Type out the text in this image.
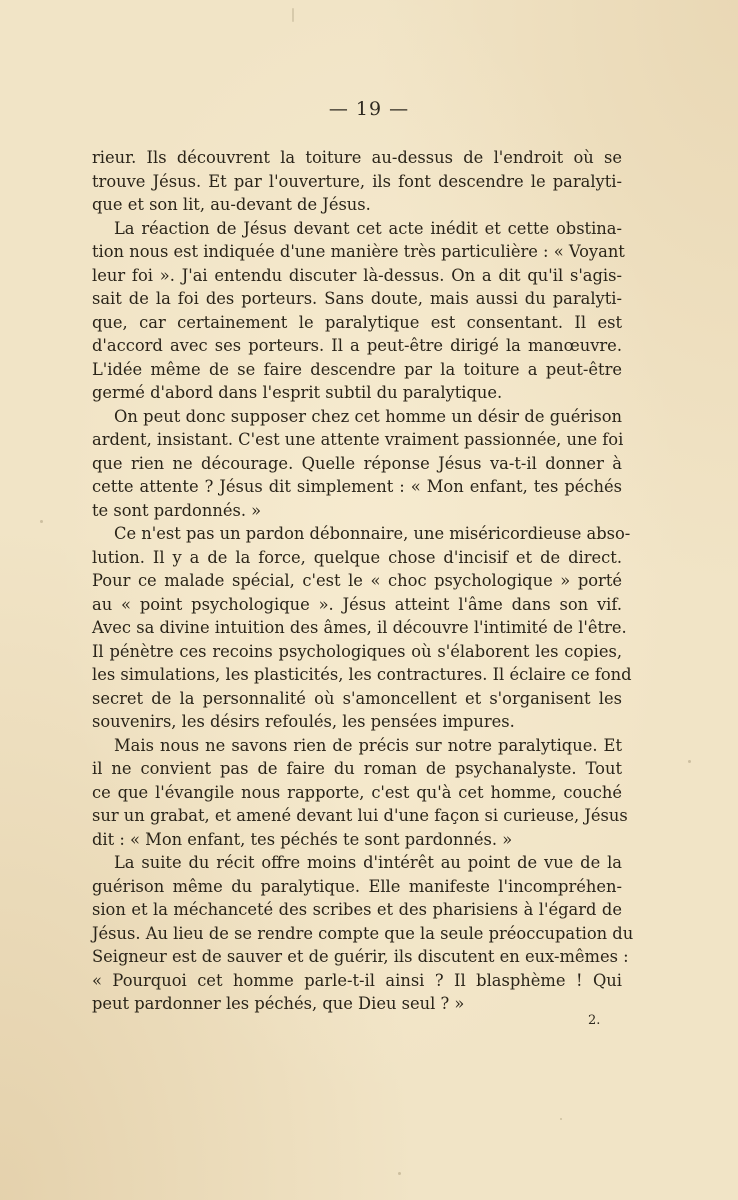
— 19 —
rieur. Ils découvrent la toiture au-dessus de l'endroit où se
trouve Jésus. Et par l'ouverture, ils font descendre le paralyti-
que et son lit, au-devant de Jésus.
La réaction de Jésus devant cet acte inédit et cette obstina-
tion nous est indiquée d'une manière très particulière : « Voyant
leur foi ». J'ai entendu discuter là-dessus. On a dit qu'il s'agis-
sait de la foi des porteurs. Sans doute, mais aussi du paralyti-
que, car certainement le paralytique est consentant. Il est
d'accord avec ses porteurs. Il a peut-être dirigé la manœuvre.
L'idée même de se faire descendre par la toiture a peut-être
germé d'abord dans l'esprit subtil du paralytique.
On peut donc supposer chez cet homme un désir de guérison
ardent, insistant. C'est une attente vraiment passionnée, une foi
que rien ne décourage. Quelle réponse Jésus va-t-il donner à
cette attente ? Jésus dit simplement : « Mon enfant, tes péchés
te sont pardonnés. »
Ce n'est pas un pardon débonnaire, une miséricordieuse abso-
lution. Il y a de la force, quelque chose d'incisif et de direct.
Pour ce malade spécial, c'est le « choc psychologique » porté
au « point psychologique ». Jésus atteint l'âme dans son vif.
Avec sa divine intuition des âmes, il découvre l'intimité de l'être.
Il pénètre ces recoins psychologiques où s'élaborent les copies,
les simulations, les plasticités, les contractures. Il éclaire ce fond
secret de la personnalité où s'amoncellent et s'organisent les
souvenirs, les désirs refoulés, les pensées impures.
Mais nous ne savons rien de précis sur notre paralytique. Et
il ne convient pas de faire du roman de psychanalyste. Tout
ce que l'évangile nous rapporte, c'est qu'à cet homme, couché
sur un grabat, et amené devant lui d'une façon si curieuse, Jésus
dit : « Mon enfant, tes péchés te sont pardonnés. »
La suite du récit offre moins d'intérêt au point de vue de la
guérison même du paralytique. Elle manifeste l'incompréhen-
sion et la méchanceté des scribes et des pharisiens à l'égard de
Jésus. Au lieu de se rendre compte que la seule préoccupation du
Seigneur est de sauver et de guérir, ils discutent en eux-mêmes :
« Pourquoi cet homme parle-t-il ainsi ? Il blasphème ! Qui
peut pardonner les péchés, que Dieu seul ? »
2.
